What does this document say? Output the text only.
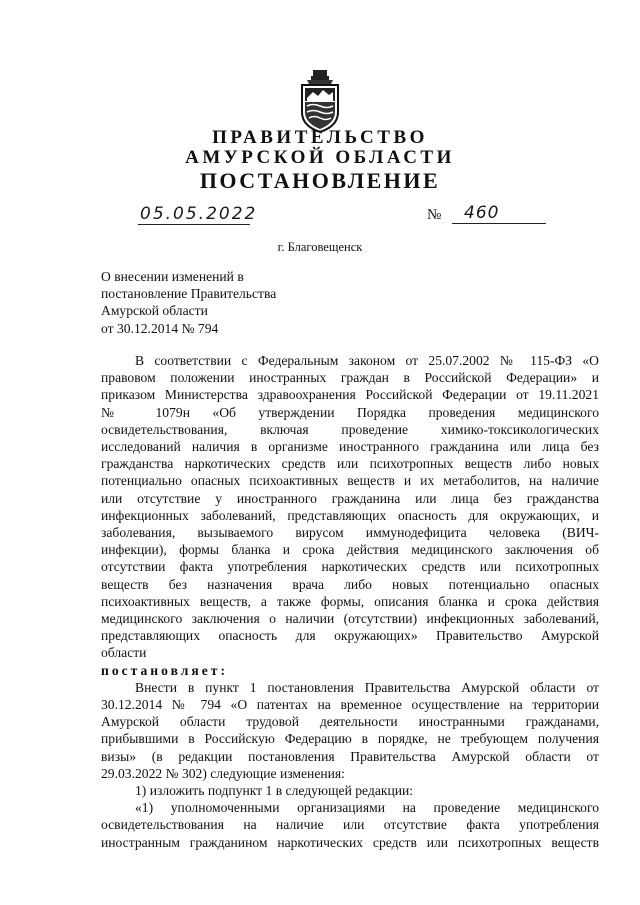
ПРАВИТЕЛЬСТВО
АМУРСКОЙ ОБЛАСТИ
ПОСТАНОВЛЕНИЕ
05.05.2022	№	460
г. Благовещенск
О внесении изменений в
постановление Правительства
Амурской области
от 30.12.2014 № 794
В соответствии с Федеральным законом от 25.07.2002 № 115-ФЗ «О
правовом положении иностранных граждан в Российской Федерации» и
приказом Министерства здравоохранения Российской Федерации от 19.11.2021
№ 1079н «Об утверждении Порядка проведения медицинского
освидетельствования, включая проведение химико-токсикологических
исследований наличия в организме иностранного гражданина или лица без
гражданства наркотических средств или психотропных веществ либо новых
потенциально опасных психоактивных веществ и их метаболитов, на наличие
или отсутствие у иностранного гражданина или лица без гражданства
инфекционных заболеваний, представляющих опасность для окружающих, и
заболевания, вызываемого вирусом иммунодефицита человека (ВИЧ-
инфекции), формы бланка и срока действия медицинского заключения об
отсутствии факта употребления наркотических средств или психотропных
веществ без назначения врача либо новых потенциально опасных
психоактивных веществ, а также формы, описания бланка и срока действия
медицинского заключения о наличии (отсутствии) инфекционных заболеваний,
представляющих опасность для окружающих» Правительство Амурской
области
постановляет:
Внести в пункт 1 постановления Правительства Амурской области от
30.12.2014 № 794 «О патентах на временное осуществление на территории
Амурской области трудовой деятельности иностранными гражданами,
прибывшими в Российскую Федерацию в порядке, не требующем получения
визы» (в редакции постановления Правительства Амурской области от
29.03.2022 № 302) следующие изменения:
1) изложить подпункт 1 в следующей редакции:
«1) уполномоченными организациями на проведение медицинского
освидетельствования на наличие или отсутствие факта употребления
иностранным гражданином наркотических средств или психотропных веществ
